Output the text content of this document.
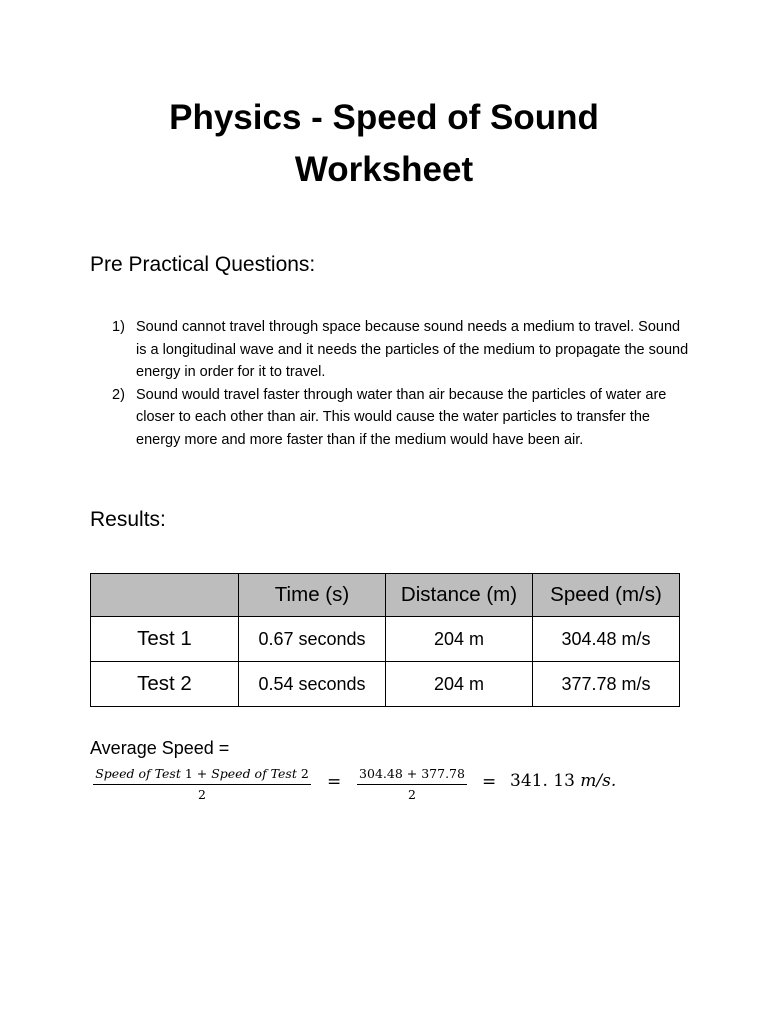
Physics - Speed of Sound
Worksheet
Pre Practical Questions:
1) Sound cannot travel through space because sound needs a medium to travel. Sound is a longitudinal wave and it needs the particles of the medium to propagate the sound energy in order for it to travel.
2) Sound would travel faster through water than air because the particles of water are closer to each other than air. This would cause the water particles to transfer the energy more and more faster than if the medium would have been air.
Results:
	Time (s)	Distance (m)	Speed (m/s)
Test 1	0.67 seconds	204 m	304.48 m/s
Test 2	0.54 seconds	204 m	377.78 m/s
Average Speed =
Speed of Test 1 + Speed of Test 2
2
= $\frac{304.48 + 377.78}{2} = 341$. 13 m/s.
